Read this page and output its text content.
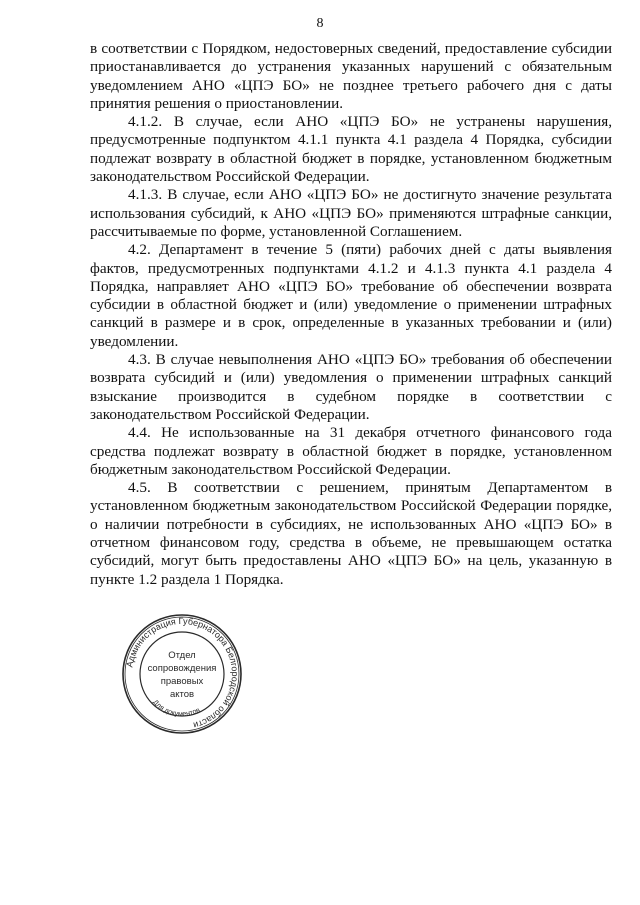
8

в соответствии с Порядком, недостоверных сведений, предоставление субсидии приостанавливается до устранения указанных нарушений с обязательным уведомлением АНО «ЦПЭ БО» не позднее третьего рабочего дня с даты принятия решения о приостановлении.

4.1.2. В случае, если АНО «ЦПЭ БО» не устранены нарушения, предусмотренные подпунктом 4.1.1 пункта 4.1 раздела 4 Порядка, субсидии подлежат возврату в областной бюджет в порядке, установленном бюджетным законодательством Российской Федерации.

4.1.3. В случае, если АНО «ЦПЭ БО» не достигнуто значение результата использования субсидий, к АНО «ЦПЭ БО» применяются штрафные санкции, рассчитываемые по форме, установленной Соглашением.

4.2. Департамент в течение 5 (пяти) рабочих дней с даты выявления фактов, предусмотренных подпунктами 4.1.2 и 4.1.3 пункта 4.1 раздела 4 Порядка, направляет АНО «ЦПЭ БО» требование об обеспечении возврата субсидии в областной бюджет и (или) уведомление о применении штрафных санкций в размере и в срок, определенные в указанных требовании и (или) уведомлении.

4.3. В случае невыполнения АНО «ЦПЭ БО» требования об обеспечении возврата субсидий и (или) уведомления о применении штрафных санкций взыскание производится в судебном порядке в соответствии с законодательством Российской Федерации.

4.4. Не использованные на 31 декабря отчетного финансового года средства подлежат возврату в областной бюджет в порядке, установленном бюджетным законодательством Российской Федерации.

4.5. В соответствии с решением, принятым Департаментом в установленном бюджетным законодательством Российской Федерации порядке, о наличии потребности в субсидиях, не использованных АНО «ЦПЭ БО» в отчетном финансовом году, средства в объеме, не превышающем остатка субсидий, могут быть предоставлены АНО «ЦПЭ БО» на цель, указанную в пункте 1.2 раздела 1 Порядка.

Администрация Губернатора Белгородской области
Для документов
Отдел
сопровождения
правовых
актов
